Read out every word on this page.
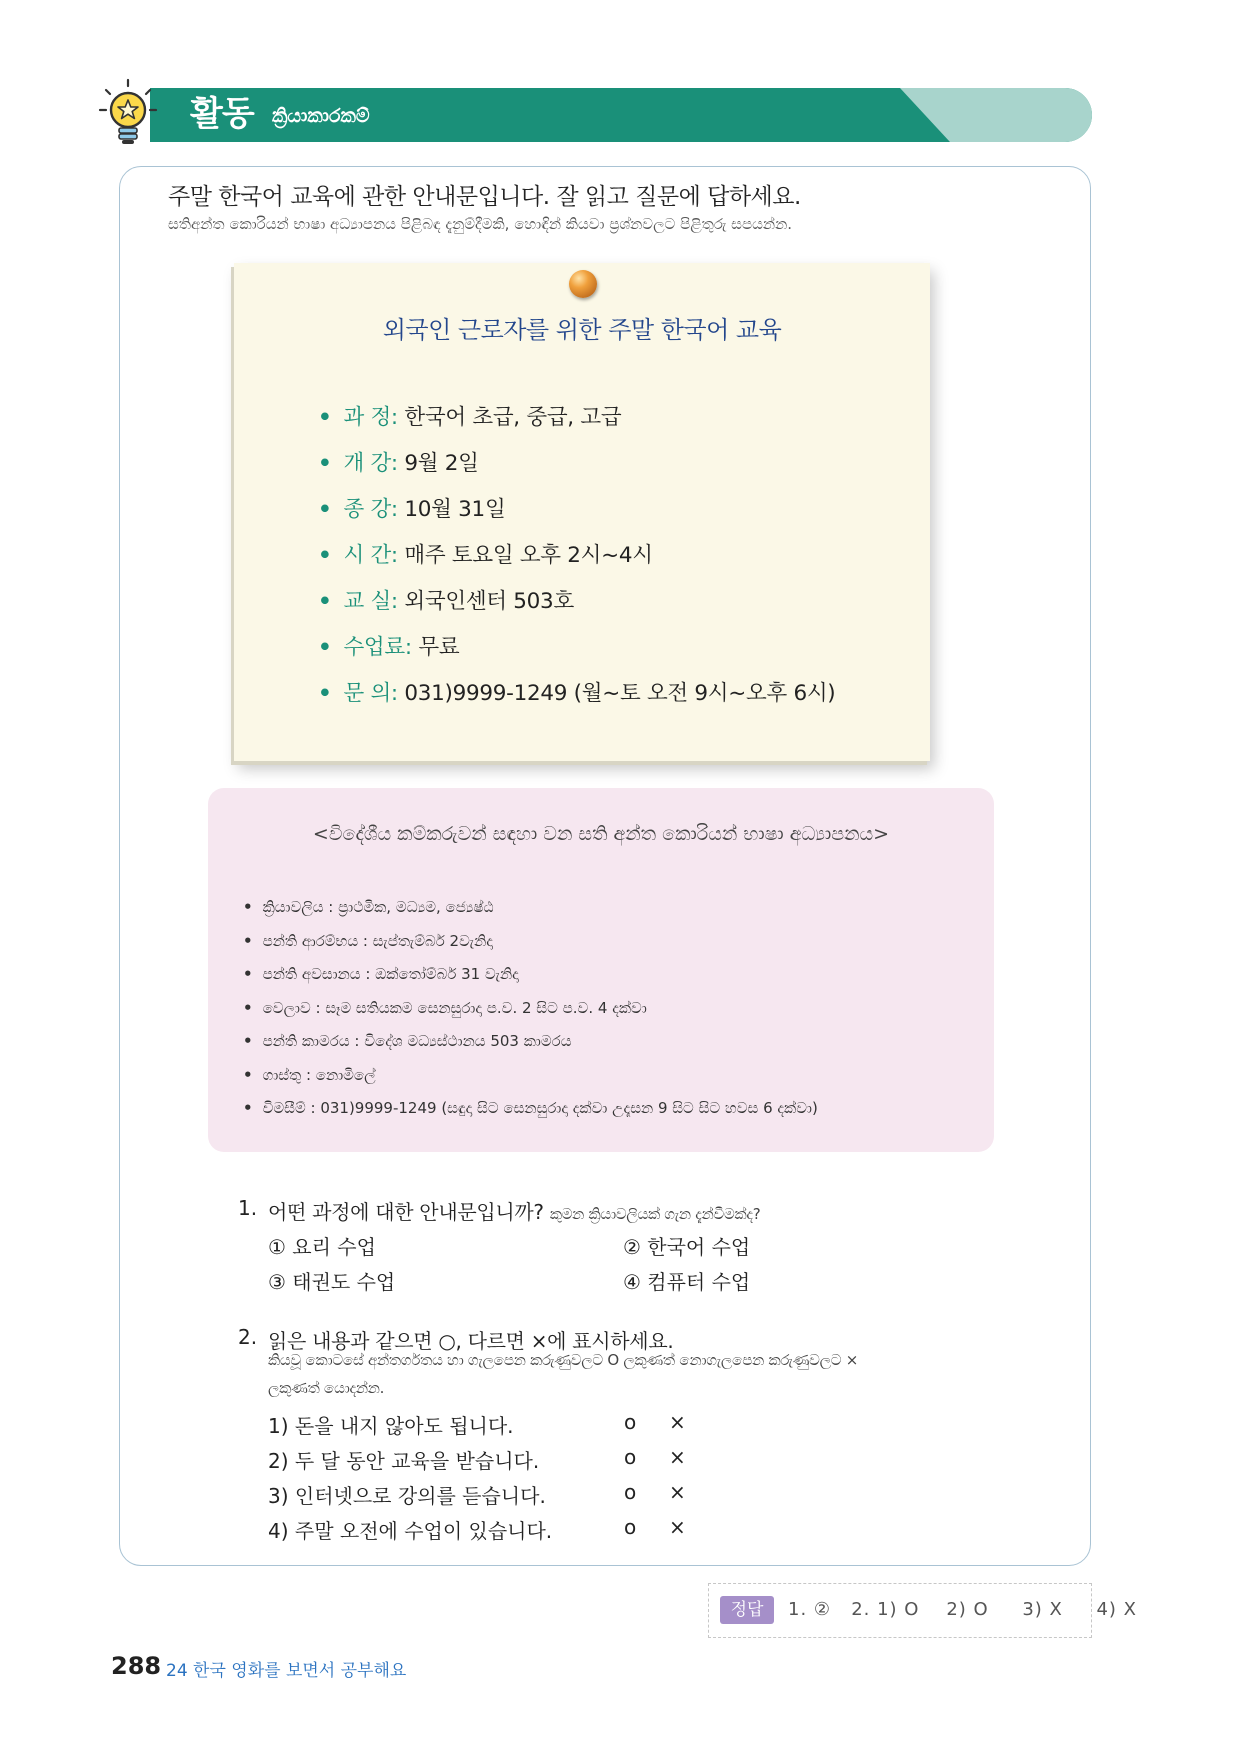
활동 ක්‍රියාකාරකම්
주말 한국어 교육에 관한 안내문입니다. 잘 읽고 질문에 답하세요.
සතිඅන්ත කොරියන් භාෂා අධ්‍යාපනය පිළිබඳ දැනුම්දීමකි, හොඳින් කියවා ප්‍රශ්නවලට පිළිතුරු සපයන්න.
외국인 근로자를 위한 주말 한국어 교육
• 과 정: 한국어 초급, 중급, 고급
• 개 강: 9월 2일
• 종 강: 10월 31일
• 시 간: 매주 토요일 오후 2시~4시
• 교 실: 외국인센터 503호
• 수업료: 무료
• 문 의: 031)9999-1249 (월~토 오전 9시~오후 6시)
<විදේශීය කම්කරුවන් සඳහා වන සති අන්ත කොරියන් භාෂා අධ්‍යාපනය>
• ක්‍රියාවලිය : ප්‍රාථමික, මධ්‍යම, ජ්‍යෙෂ්ඨ
• පන්ති ආරම්භය : සැප්තැම්බර් 2වැනිදා
• පන්ති අවසානය : ඔක්තෝම්බර් 31 වැනිදා
• වෙලාව : සෑම සතියකම සෙනසුරාදා ප.ව. 2 සිට ප.ව. 4 දක්වා
• පන්ති කාමරය : විදේශ මධ්‍යස්ථානය 503 කාමරය
• ගාස්තු : නොමිලේ
• විමසීම් : 031)9999-1249 (සඳුදා සිට සෙනසුරාදා දක්වා උදෑසන 9 සිට සිට හවස 6 දක්වා)
1. 어떤 과정에 대한 안내문입니까? කුමන ක්‍රියාවලියක් ගැන දැන්වීමක්ද?
① 요리 수업	② 한국어 수업
③ 태권도 수업	④ 컴퓨터 수업
2. 읽은 내용과 같으면 ○, 다르면 ×에 표시하세요.
කියවූ කොටසේ අන්තර්ගතය හා ගැලපෙන කරුණුවලට O ලකුණත් නොගැලපෙන කරුණුවලට ×
ලකුණත් යොදන්න.
1) 돈을 내지 않아도 됩니다.	o ×
2) 두 달 동안 교육을 받습니다.	o ×
3) 인터넷으로 강의를 듣습니다.	o ×
4) 주말 오전에 수업이 있습니다.	o ×
정답	1. ②   2. 1) O    2) O     3) X     4) X
288 24 한국 영화를 보면서 공부해요
